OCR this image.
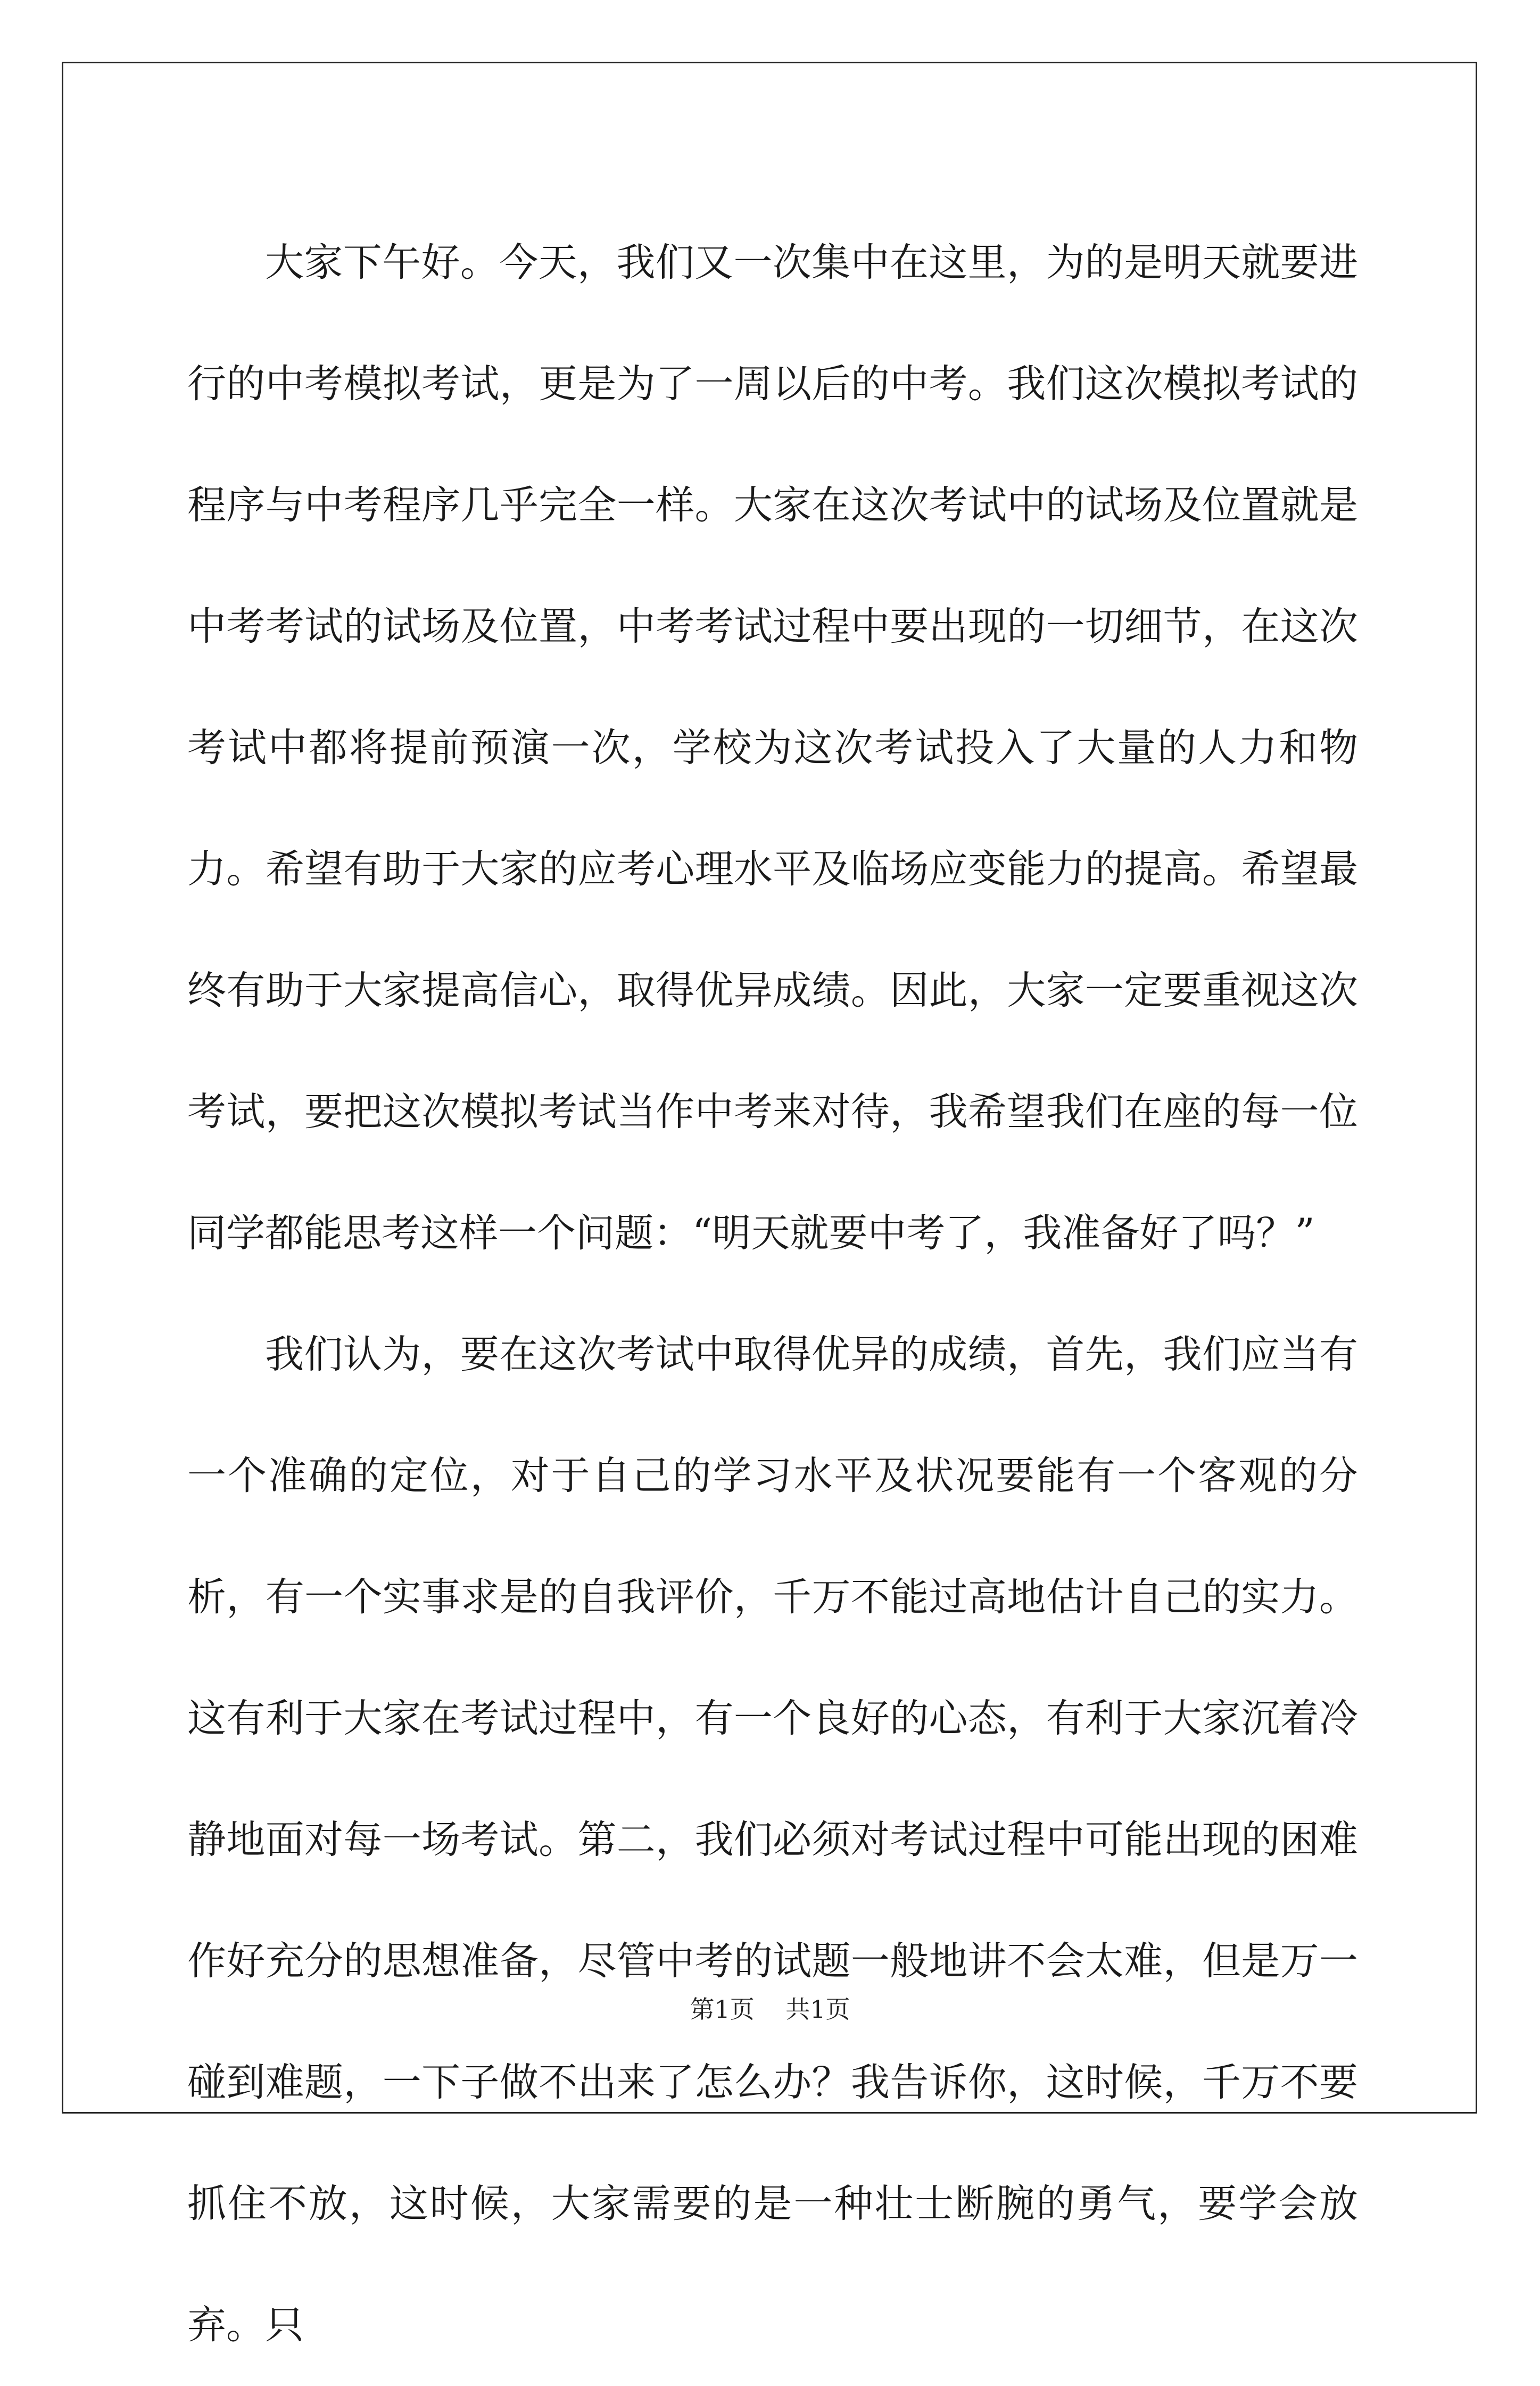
大家下午好。今天，我们又一次集中在这里，为的是明天就要进行的中考模拟考试，更是为了一周以后的中考。我们这次模拟考试的程序与中考程序几乎完全一样。大家在这次考试中的试场及位置就是中考考试的试场及位置，中考考试过程中要出现的一切细节，在这次考试中都将提前预演一次，学校为这次考试投入了大量的人力和物力。希望有助于大家的应考心理水平及临场应变能力的提高。希望最终有助于大家提高信心，取得优异成绩。因此，大家一定要重视这次考试，要把这次模拟考试当作中考来对待，我希望我们在座的每一位同学都能思考这样一个问题：“明天就要中考了，我准备好了吗？”

我们认为，要在这次考试中取得优异的成绩，首先，我们应当有一个准确的定位，对于自己的学习水平及状况要能有一个客观的分析，有一个实事求是的自我评价，千万不能过高地估计自己的实力。这有利于大家在考试过程中，有一个良好的心态，有利于大家沉着冷静地面对每一场考试。第二，我们必须对考试过程中可能出现的困难作好充分的思想准备，尽管中考的试题一般地讲不会太难，但是万一碰到难题，一下子做不出来了怎么办？我告诉你，这时候，千万不要抓住不放，这时候，大家需要的是一种壮士断腕的勇气，要学会放弃。只

第1页    共1页
